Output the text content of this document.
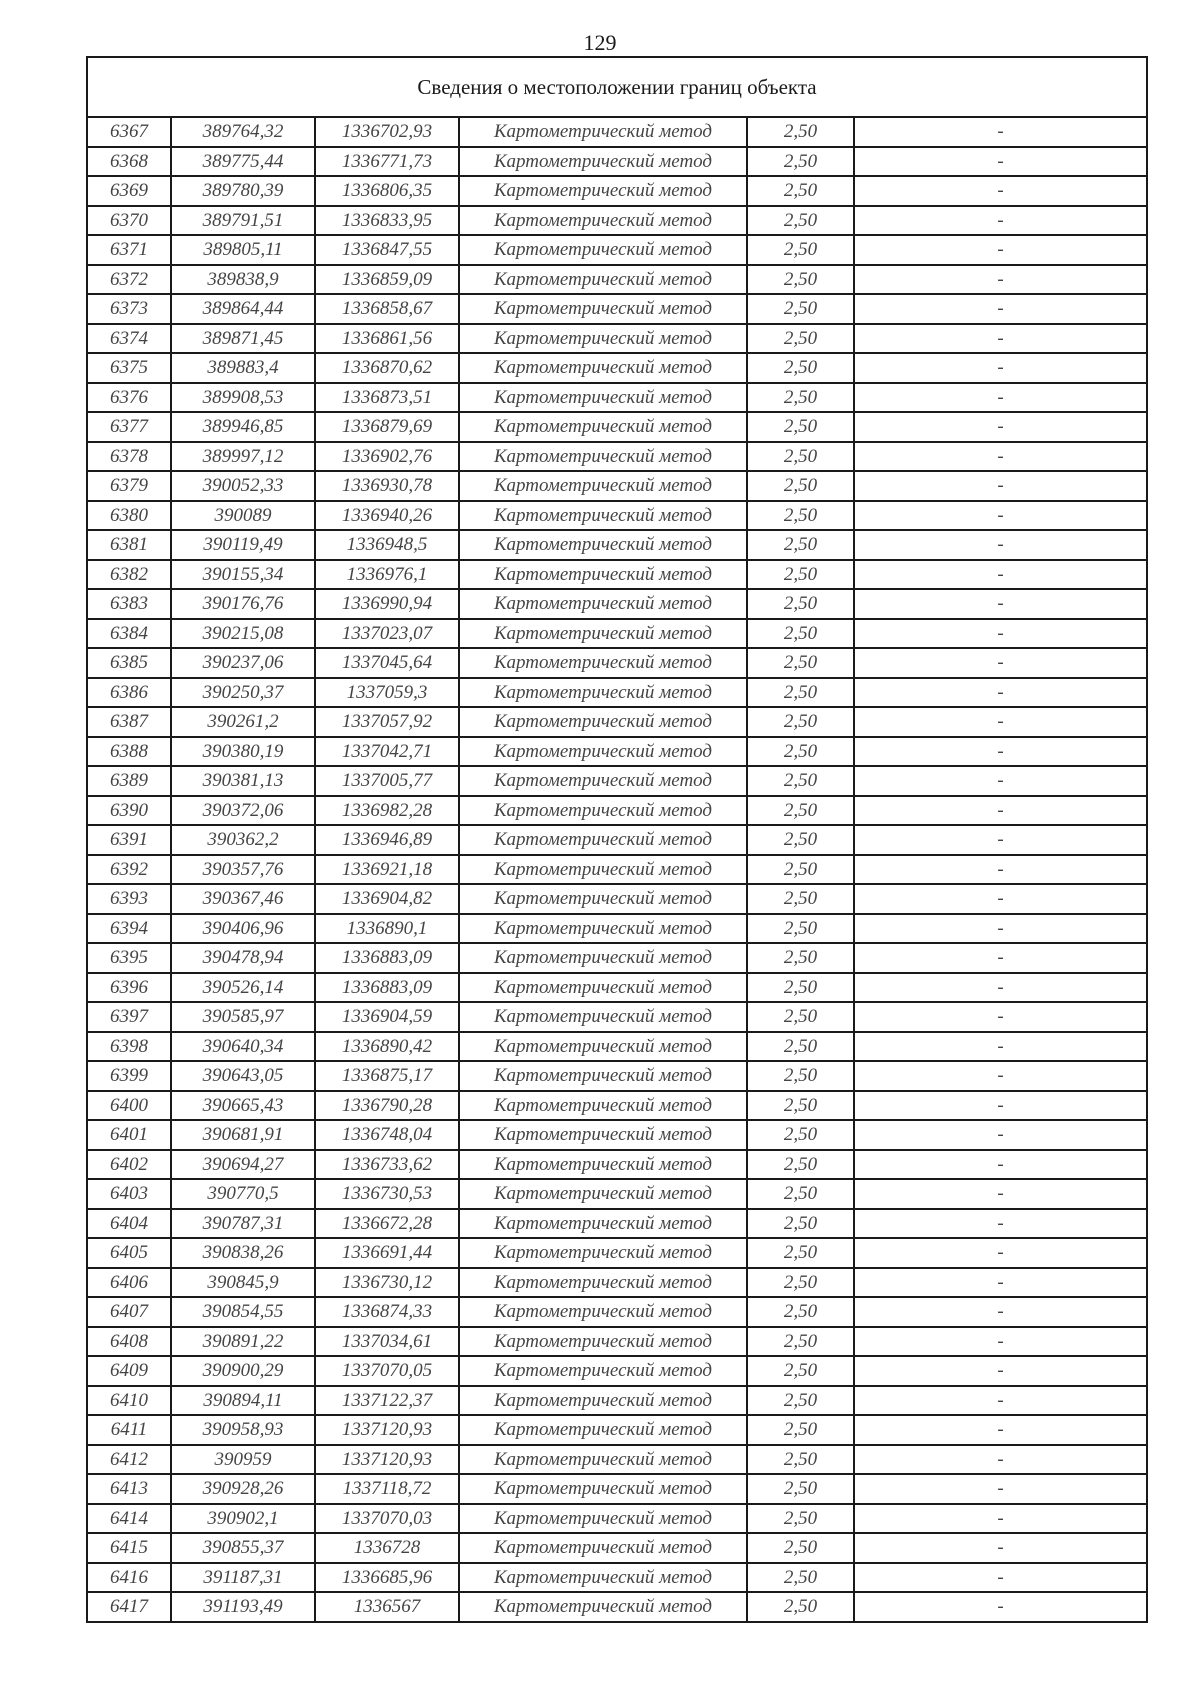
129
Сведения о местоположении границ объекта					
6367	389764,32	1336702,93	Картометрический метод	2,50	-
6368	389775,44	1336771,73	Картометрический метод	2,50	-
6369	389780,39	1336806,35	Картометрический метод	2,50	-
6370	389791,51	1336833,95	Картометрический метод	2,50	-
6371	389805,11	1336847,55	Картометрический метод	2,50	-
6372	389838,9	1336859,09	Картометрический метод	2,50	-
6373	389864,44	1336858,67	Картометрический метод	2,50	-
6374	389871,45	1336861,56	Картометрический метод	2,50	-
6375	389883,4	1336870,62	Картометрический метод	2,50	-
6376	389908,53	1336873,51	Картометрический метод	2,50	-
6377	389946,85	1336879,69	Картометрический метод	2,50	-
6378	389997,12	1336902,76	Картометрический метод	2,50	-
6379	390052,33	1336930,78	Картометрический метод	2,50	-
6380	390089	1336940,26	Картометрический метод	2,50	-
6381	390119,49	1336948,5	Картометрический метод	2,50	-
6382	390155,34	1336976,1	Картометрический метод	2,50	-
6383	390176,76	1336990,94	Картометрический метод	2,50	-
6384	390215,08	1337023,07	Картометрический метод	2,50	-
6385	390237,06	1337045,64	Картометрический метод	2,50	-
6386	390250,37	1337059,3	Картометрический метод	2,50	-
6387	390261,2	1337057,92	Картометрический метод	2,50	-
6388	390380,19	1337042,71	Картометрический метод	2,50	-
6389	390381,13	1337005,77	Картометрический метод	2,50	-
6390	390372,06	1336982,28	Картометрический метод	2,50	-
6391	390362,2	1336946,89	Картометрический метод	2,50	-
6392	390357,76	1336921,18	Картометрический метод	2,50	-
6393	390367,46	1336904,82	Картометрический метод	2,50	-
6394	390406,96	1336890,1	Картометрический метод	2,50	-
6395	390478,94	1336883,09	Картометрический метод	2,50	-
6396	390526,14	1336883,09	Картометрический метод	2,50	-
6397	390585,97	1336904,59	Картометрический метод	2,50	-
6398	390640,34	1336890,42	Картометрический метод	2,50	-
6399	390643,05	1336875,17	Картометрический метод	2,50	-
6400	390665,43	1336790,28	Картометрический метод	2,50	-
6401	390681,91	1336748,04	Картометрический метод	2,50	-
6402	390694,27	1336733,62	Картометрический метод	2,50	-
6403	390770,5	1336730,53	Картометрический метод	2,50	-
6404	390787,31	1336672,28	Картометрический метод	2,50	-
6405	390838,26	1336691,44	Картометрический метод	2,50	-
6406	390845,9	1336730,12	Картометрический метод	2,50	-
6407	390854,55	1336874,33	Картометрический метод	2,50	-
6408	390891,22	1337034,61	Картометрический метод	2,50	-
6409	390900,29	1337070,05	Картометрический метод	2,50	-
6410	390894,11	1337122,37	Картометрический метод	2,50	-
6411	390958,93	1337120,93	Картометрический метод	2,50	-
6412	390959	1337120,93	Картометрический метод	2,50	-
6413	390928,26	1337118,72	Картометрический метод	2,50	-
6414	390902,1	1337070,03	Картометрический метод	2,50	-
6415	390855,37	1336728	Картометрический метод	2,50	-
6416	391187,31	1336685,96	Картометрический метод	2,50	-
6417	391193,49	1336567	Картометрический метод	2,50	-
